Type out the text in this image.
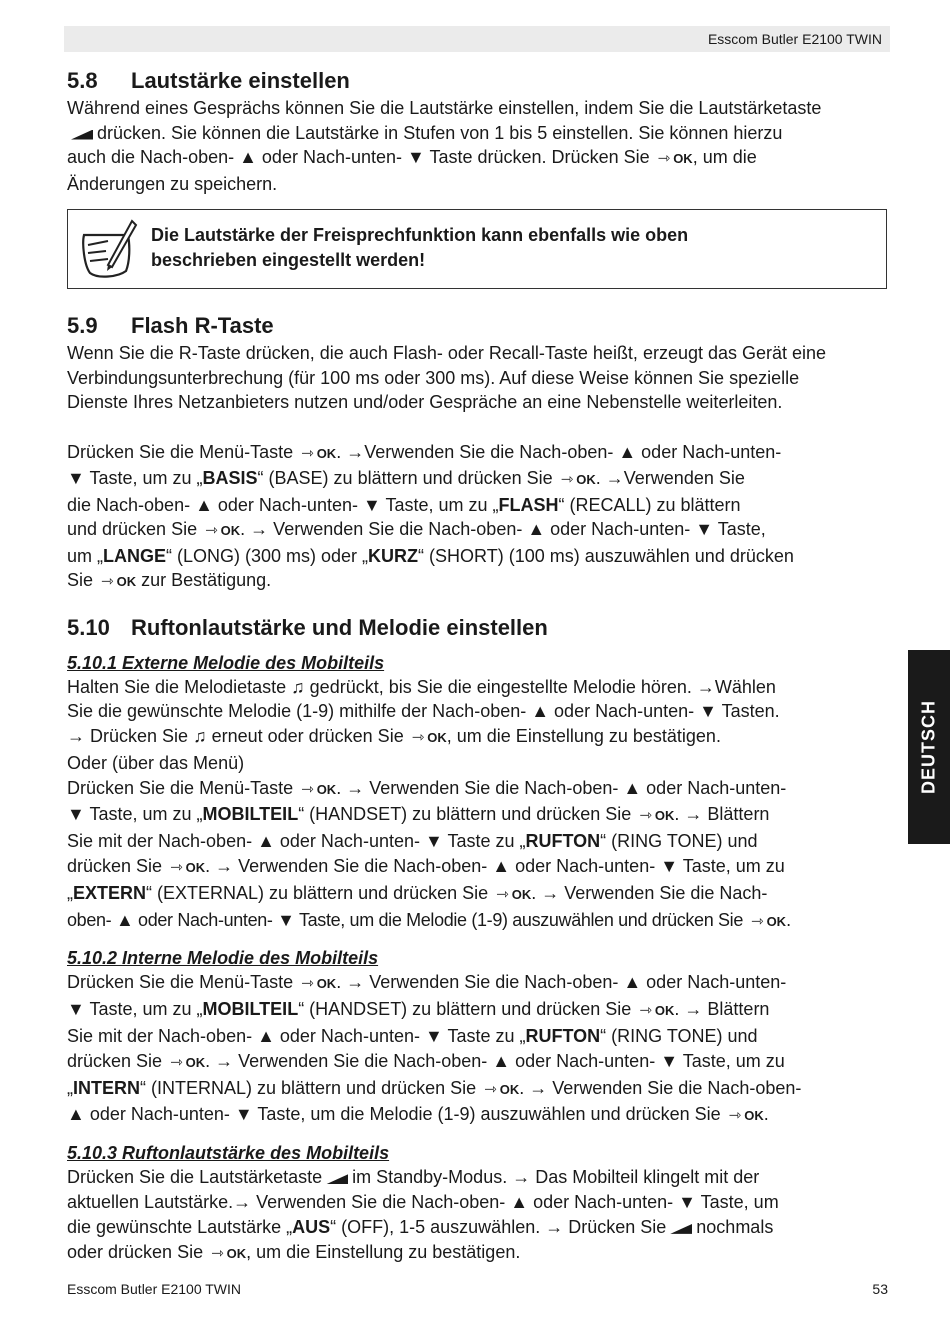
Esscom Butler E2100 TWIN
5.8 Lautstärke einstellen

Während eines Gesprächs können Sie die Lautstärke einstellen, indem Sie die Lautstärketaste
drücken. Sie können die Lautstärke in Stufen von 1 bis 5 einstellen. Sie können hierzu
auch die Nach-oben- ▲ oder Nach-unten- ▼ Taste drücken. Drücken Sie ⇾ OK, um die
Änderungen zu speichern.

Die Lautstärke der Freisprechfunktion kann ebenfalls wie oben
beschrieben eingestellt werden!

5.9 Flash R-Taste

Wenn Sie die R-Taste drücken, die auch Flash- oder Recall-Taste heißt, erzeugt das Gerät eine
Verbindungsunterbrechung (für 100 ms oder 300 ms). Auf diese Weise können Sie spezielle
Dienste Ihres Netzanbieters nutzen und/oder Gespräche an eine Nebenstelle weiterleiten.

Drücken Sie die Menü-Taste ⇾ OK. →Verwenden Sie die Nach-oben- ▲ oder Nach-unten-
▼ Taste, um zu „BASIS“ (BASE) zu blättern und drücken Sie ⇾ OK. →Verwenden Sie
die Nach-oben- ▲ oder Nach-unten- ▼ Taste, um zu „FLASH“ (RECALL) zu blättern
und drücken Sie ⇾ OK. → Verwenden Sie die Nach-oben- ▲ oder Nach-unten- ▼ Taste,
um „LANGE“ (LONG) (300 ms) oder „KURZ“ (SHORT) (100 ms) auszuwählen und drücken
Sie ⇾ OK zur Bestätigung.

5.10 Ruftonlautstärke und Melodie einstellen
5.10.1 Externe Melodie des Mobilteils

Halten Sie die Melodietaste ♫ gedrückt, bis Sie die eingestellte Melodie hören. →Wählen
Sie die gewünschte Melodie (1-9) mithilfe der Nach-oben- ▲ oder Nach-unten- ▼ Tasten.
→ Drücken Sie ♫ erneut oder drücken Sie ⇾ OK, um die Einstellung zu bestätigen.
Oder (über das Menü)
Drücken Sie die Menü-Taste ⇾ OK. → Verwenden Sie die Nach-oben- ▲ oder Nach-unten-
▼ Taste, um zu „MOBILTEIL“ (HANDSET) zu blättern und drücken Sie ⇾ OK. → Blättern
Sie mit der Nach-oben- ▲ oder Nach-unten- ▼ Taste zu „RUFTON“ (RING TONE) und
drücken Sie ⇾ OK. → Verwenden Sie die Nach-oben- ▲ oder Nach-unten- ▼ Taste, um zu
„EXTERN“ (EXTERNAL) zu blättern und drücken Sie ⇾ OK. → Verwenden Sie die Nach-
oben- ▲ oder Nach-unten- ▼ Taste, um die Melodie (1-9) auszuwählen und drücken Sie ⇾ OK.

5.10.2 Interne Melodie des Mobilteils

Drücken Sie die Menü-Taste ⇾ OK. → Verwenden Sie die Nach-oben- ▲ oder Nach-unten-
▼ Taste, um zu „MOBILTEIL“ (HANDSET) zu blättern und drücken Sie ⇾ OK. → Blättern
Sie mit der Nach-oben- ▲ oder Nach-unten- ▼ Taste zu „RUFTON“ (RING TONE) und
drücken Sie ⇾ OK. → Verwenden Sie die Nach-oben- ▲ oder Nach-unten- ▼ Taste, um zu
„INTERN“ (INTERNAL) zu blättern und drücken Sie ⇾ OK. → Verwenden Sie die Nach-oben-
▲ oder Nach-unten- ▼ Taste, um die Melodie (1-9) auszuwählen und drücken Sie ⇾ OK.

5.10.3 Ruftonlautstärke des Mobilteils

Drücken Sie die Lautstärketaste im Standby-Modus. → Das Mobilteil klingelt mit der
aktuellen Lautstärke.→ Verwenden Sie die Nach-oben- ▲ oder Nach-unten- ▼ Taste, um
die gewünschte Lautstärke „AUS“ (OFF), 1-5 auszuwählen. → Drücken Sie nochmals
oder drücken Sie ⇾ OK, um die Einstellung zu bestätigen.

DEUTSCH
Esscom Butler E2100 TWIN	53
